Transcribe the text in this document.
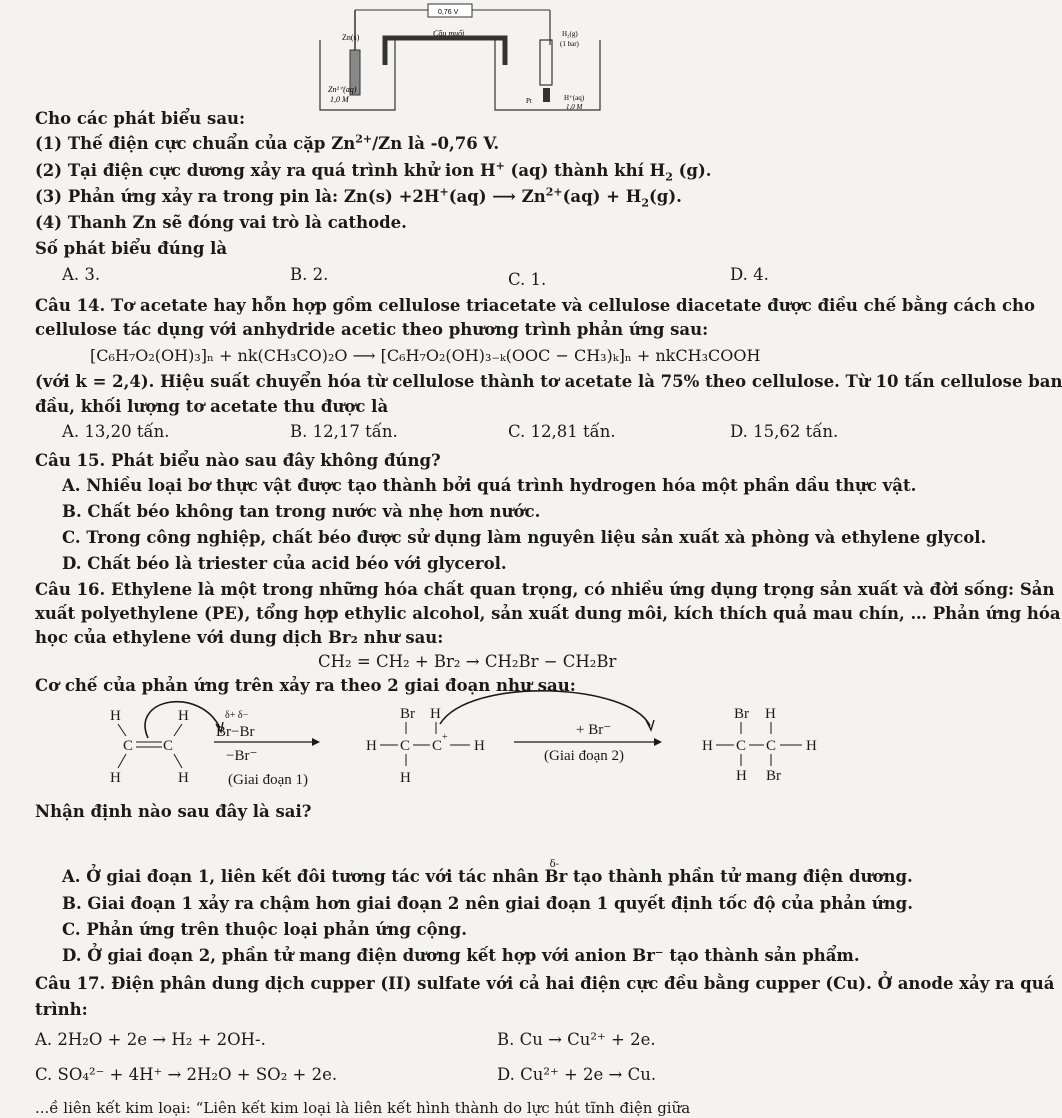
0,76 V
Zn(s)	Cầu muối	H₂(g)
(1 bar)
Zn²⁺(aq)
1,0 M	H⁺(aq)
1,0 M
Pt
Cho các phát biểu sau:
(1) Thế điện cực chuẩn của cặp $Zn^{2+}/Zn$ là -0,76 V.
(2) Tại điện cực dương xảy ra quá trình khử ion H+ (aq) thành khí $H_2$ (g).
(3) Phản ứng xảy ra trong pin là: Zn(s) +2H+(aq) ⟶ $Zn^{2+}(aq) + H_2(g)$.
(4) Thanh Zn sẽ đóng vai trò là cathode.
Số phát biểu đúng là
A. 3.	B. 2.	C. 1.	D. 4.
Câu 14. Tơ acetate hay hỗn hợp gồm cellulose triacetate và cellulose diacetate được điều chế bằng cách cho
cellulose tác dụng với anhydride acetic theo phương trình phản ứng sau:
[C₆H₇O₂(OH)₃]ₙ + nk(CH₃CO)₂O ⟶ [C₆H₇O₂(OH)₃₋ₖ(OOC − CH₃)ₖ]ₙ + nkCH₃COOH
(với k = 2,4). Hiệu suất chuyển hóa từ cellulose thành tơ acetate là 75% theo cellulose. Từ 10 tấn cellulose ban
đầu, khối lượng tơ acetate thu được là
A. 13,20 tấn.	B. 12,17 tấn.	C. 12,81 tấn.	D. 15,62 tấn.
Câu 15. Phát biểu nào sau đây không đúng?
A. Nhiều loại bơ thực vật được tạo thành bởi quá trình hydrogen hóa một phần dầu thực vật.
B. Chất béo không tan trong nước và nhẹ hơn nước.
C. Trong công nghiệp, chất béo được sử dụng làm nguyên liệu sản xuất xà phòng và ethylene glycol.
D. Chất béo là triester của acid béo với glycerol.
Câu 16. Ethylene là một trong những hóa chất quan trọng, có nhiều ứng dụng trọng sản xuất và đời sống: Sản
xuất polyethylene (PE), tổng hợp ethylic alcohol, sản xuất dung môi, kích thích quả mau chín, … Phản ứng hóa
học của ethylene với dung dịch Br₂ như sau:
CH₂ = CH₂ + Br₂ → CH₂Br − CH₂Br
Cơ chế của phản ứng trên xảy ra theo 2 giai đoạn như sau:
H	H
C C
H	H
δ+ δ−
Br−Br
−Br⁻
(Giai đoạn 1)
Br H
H C C
+
H
H
+ Br⁻
(Giai đoạn 2)
Br H
H C C H
H Br
Nhận định nào sau đây là sai?
A. Ở giai đoạn 1, liên kết đôi tương tác với tác nhân
δ-
Br tạo thành phần tử mang điện dương.
B. Giai đoạn 1 xảy ra chậm hơn giai đoạn 2 nên giai đoạn 1 quyết định tốc độ của phản ứng.
C. Phản ứng trên thuộc loại phản ứng cộng.
D. Ở giai đoạn 2, phần tử mang điện dương kết hợp với anion Br⁻ tạo thành sản phẩm.
Câu 17. Điện phân dung dịch cupper (II) sulfate với cả hai điện cực đều bằng cupper (Cu). Ở anode xảy ra quá
trình:
A. 2H₂O + 2e → H₂ + 2OH-.	B. Cu → Cu²⁺ + 2e.
C. SO₄²⁻ + 4H⁺ → 2H₂O + SO₂ + 2e.	D. Cu²⁺ + 2e → Cu.
...ề liên kết kim loại: “Liên kết kim loại là liên kết hình thành do lực hút tĩnh điện giữa
